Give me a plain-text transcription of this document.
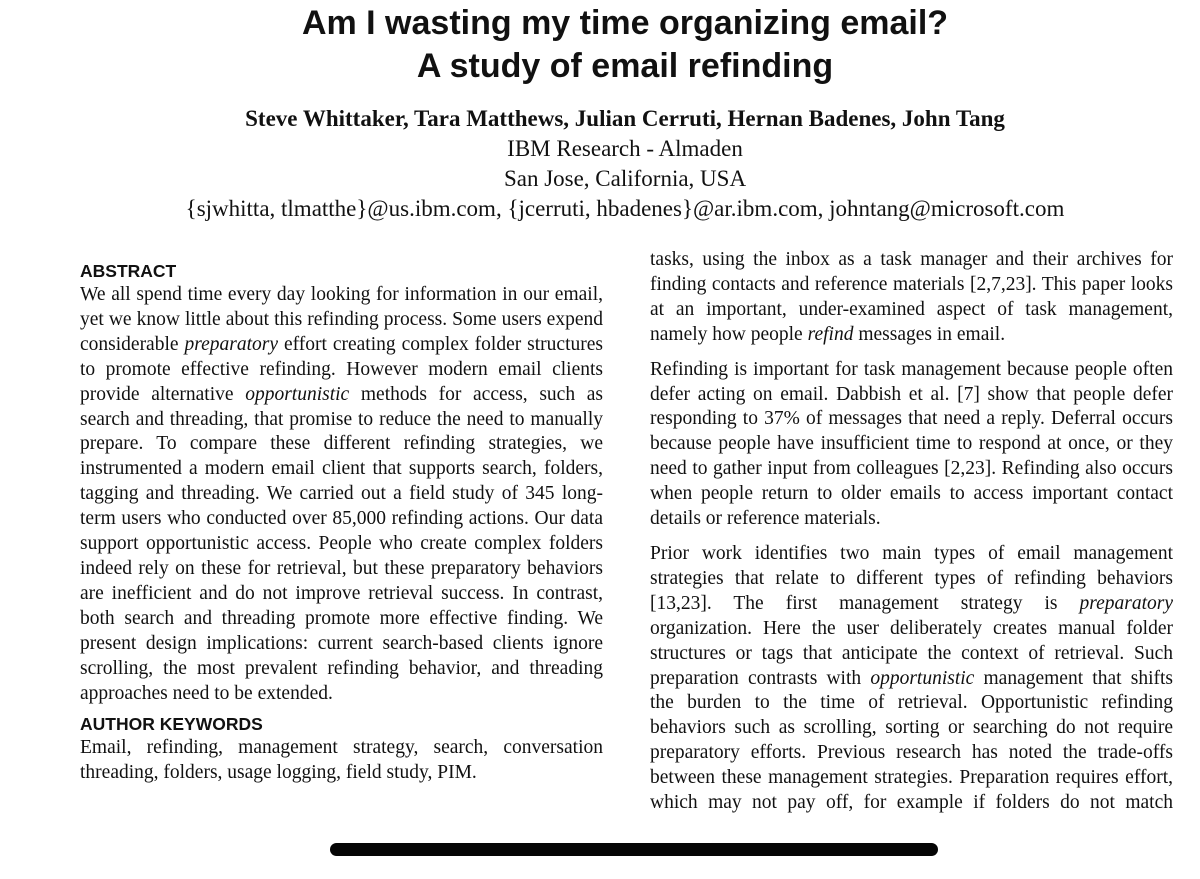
Am I wasting my time organizing email?
A study of email refinding
Steve Whittaker, Tara Matthews, Julian Cerruti, Hernan Badenes, John Tang
IBM Research - Almaden
San Jose, California, USA
{sjwhitta, tlmatthe}@us.ibm.com, {jcerruti, hbadenes}@ar.ibm.com, johntang@microsoft.com
ABSTRACT

We all spend time every day looking for information in our email, yet we know little about this refinding process. Some users expend considerable preparatory effort creating complex folder structures to promote effective refinding. However modern email clients provide alternative opportunistic methods for access, such as search and threading, that promise to reduce the need to manually prepare. To compare these different refinding strategies, we instrumented a modern email client that supports search, folders, tagging and threading. We carried out a field study of 345 long-term users who conducted over 85,000 refinding actions. Our data support opportunistic access. People who create complex folders indeed rely on these for retrieval, but these preparatory behaviors are inefficient and do not improve retrieval success. In contrast, both search and threading promote more effective finding. We present design implications: current search-based clients ignore scrolling, the most prevalent refinding behavior, and threading approaches need to be extended.

AUTHOR KEYWORDS

Email, refinding, management strategy, search, conversation threading, folders, usage logging, field study, PIM.

tasks, using the inbox as a task manager and their archives for finding contacts and reference materials [2,7,23]. This paper looks at an important, under-examined aspect of task management, namely how people refind messages in email.

Refinding is important for task management because people often defer acting on email. Dabbish et al. [7] show that people defer responding to 37% of messages that need a reply. Deferral occurs because people have insufficient time to respond at once, or they need to gather input from colleagues [2,23]. Refinding also occurs when people return to older emails to access important contact details or reference materials.

Prior work identifies two main types of email management strategies that relate to different types of refinding behaviors [13,23]. The first management strategy is preparatory organization. Here the user deliberately creates manual folder structures or tags that anticipate the context of retrieval. Such preparation contrasts with opportunistic management that shifts the burden to the time of retrieval. Opportunistic refinding behaviors such as scrolling, sorting or searching do not require preparatory efforts. Previous research has noted the trade-offs between these management strategies. Preparation requires effort, which may not pay off, for example if folders do not match
